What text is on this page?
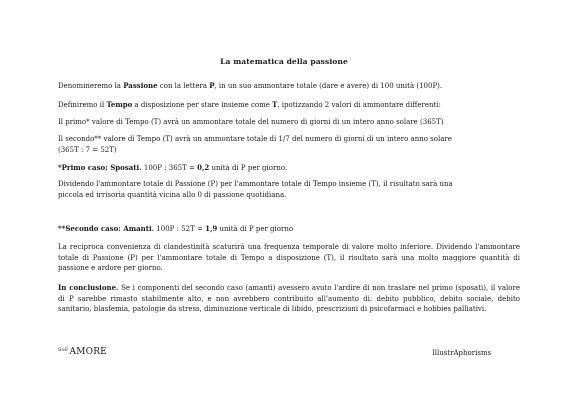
La matematica della passione
Denomineremo la Passione con la lettera P, in un suo ammontare totale (dare e avere) di 100 unità (100P).
Definiremo il Tempo a disposizione per stare insieme come T, ipotizzando 2 valori di ammontare differenti:
Il primo* valore di Tempo (T) avrà un ammontare totale del numero di giorni di un intero anno solare (365T)
Il secondo** valore di Tempo (T) avrà un ammontare totale di 1/7 del numero di giorni di un intero anno solare
(365T : 7 = 52T)
*Primo caso; Sposati. 100P : 365T = 0,2 unità di P per giorno.
Dividendo l'ammontare totale di Passione (P) per l'ammontare totale di Tempo insieme (T), il risultato sarà una
piccola ed irrisoria quantità vicina allo 0 di passione quotidiana.
**Secondo caso: Amanti. 100P : 52T = 1,9 unità di P per giorno
La reciproca convenienza di clandestinità scaturirà una frequenza temporale di valore molto inferiore. Dividendo l'ammontare totale di Passione (P) per l'ammontare totale di Tempo a disposizione (T), il risultato sarà una molto maggiore quantità di passione e ardore per giorno.
In conclusione. Se i componenti del secondo caso (amanti) avessero avuto l'ardire di non traslare nel primo (sposati), il valore di P sarebbe rimasto stabilmente alto, e non avrebbero contribuito all'aumento di: debito pubblico, debito sociale, debito sanitario, blasfemia, patologie da stress, diminuzione verticale di libido, prescrizioni di psicofarmaci e hobbies palliativi.
$^{SoF}$AMORE	IllustrAphorisms
